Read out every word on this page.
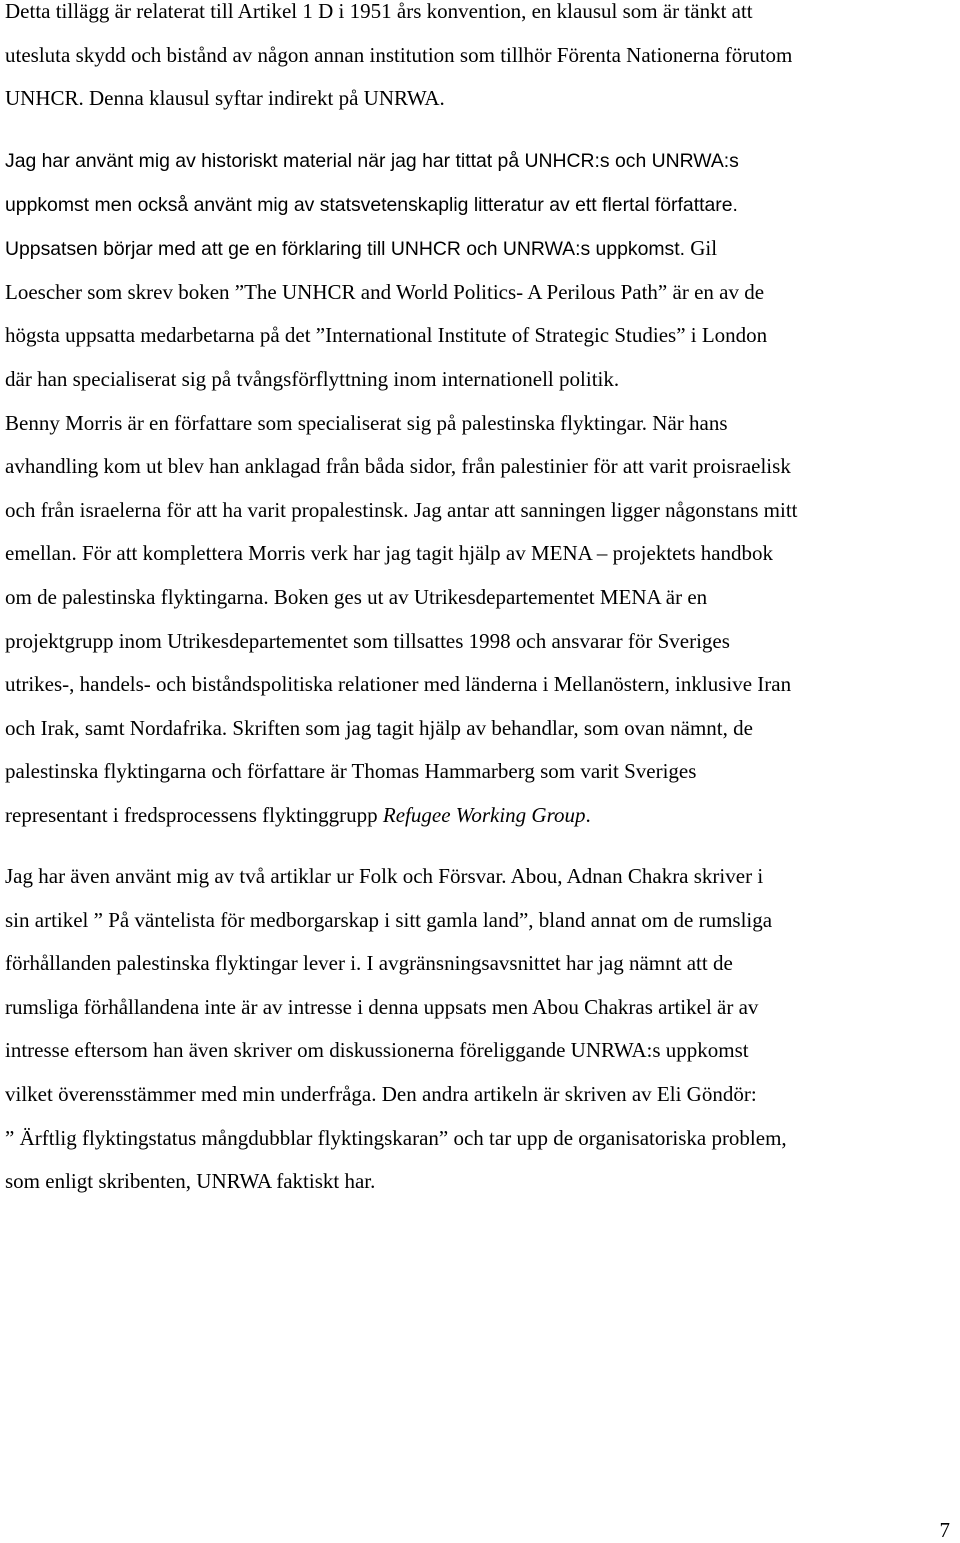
Detta tillägg är relaterat till Artikel 1 D i 1951 års konvention, en klausul som är tänkt att
utesluta skydd och bistånd av någon annan institution som tillhör Förenta Nationerna förutom
UNHCR. Denna klausul syftar indirekt på UNRWA.
Jag har använt mig av historiskt material när jag har tittat på UNHCR:s och UNRWA:s
uppkomst men också använt mig av statsvetenskaplig litteratur av ett flertal författare.
Uppsatsen börjar med att ge en förklaring till UNHCR och UNRWA:s uppkomst. Gil
Loescher som skrev boken ”The UNHCR and World Politics- A Perilous Path” är en av de
högsta uppsatta medarbetarna på det ”International Institute of Strategic Studies” i London
där han specialiserat sig på tvångsförflyttning inom internationell politik.
Benny Morris är en författare som specialiserat sig på palestinska flyktingar. När hans
avhandling kom ut blev han anklagad från båda sidor, från palestinier för att varit proisraelisk
och från israelerna för att ha varit propalestinsk. Jag antar att sanningen ligger någonstans mitt
emellan. För att komplettera Morris verk har jag tagit hjälp av MENA – projektets handbok
om de palestinska flyktingarna. Boken ges ut av Utrikesdepartementet MENA är en
projektgrupp inom Utrikesdepartementet som tillsattes 1998 och ansvarar för Sveriges
utrikes-, handels- och biståndspolitiska relationer med länderna i Mellanöstern, inklusive Iran
och Irak, samt Nordafrika. Skriften som jag tagit hjälp av behandlar, som ovan nämnt, de
palestinska flyktingarna och författare är Thomas Hammarberg som varit Sveriges
representant i fredsprocessens flyktinggrupp Refugee Working Group.
Jag har även använt mig av två artiklar ur Folk och Försvar. Abou, Adnan Chakra skriver i
sin artikel ” På väntelista för medborgarskap i sitt gamla land”, bland annat om de rumsliga
förhållanden palestinska flyktingar lever i. I avgränsningsavsnittet har jag nämnt att de
rumsliga förhållandena inte är av intresse i denna uppsats men Abou Chakras artikel är av
intresse eftersom han även skriver om diskussionerna föreliggande UNRWA:s uppkomst
vilket överensstämmer med min underfråga. Den andra artikeln är skriven av Eli Göndör:
” Ärftlig flyktingstatus mångdubblar flyktingskaran” och tar upp de organisatoriska problem,
som enligt skribenten, UNRWA faktiskt har.
7
